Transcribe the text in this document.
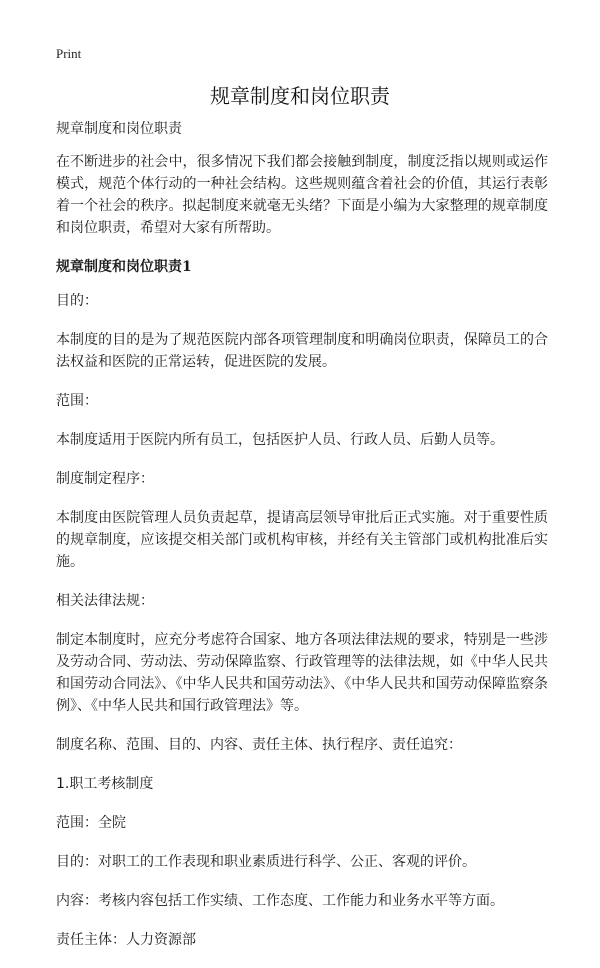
Print
规章制度和岗位职责

规章制度和岗位职责

在不断进步的社会中，很多情况下我们都会接触到制度，制度泛指以规则或运作模式，规范个体行动的一种社会结构。这些规则蕴含着社会的价值，其运行表彰着一个社会的秩序。拟起制度来就毫无头绪？下面是小编为大家整理的规章制度和岗位职责，希望对大家有所帮助。

规章制度和岗位职责1

目的：

本制度的目的是为了规范医院内部各项管理制度和明确岗位职责，保障员工的合法权益和医院的正常运转，促进医院的发展。

范围：

本制度适用于医院内所有员工，包括医护人员、行政人员、后勤人员等。

制度制定程序：

本制度由医院管理人员负责起草，提请高层领导审批后正式实施。对于重要性质的规章制度，应该提交相关部门或机构审核，并经有关主管部门或机构批准后实施。

相关法律法规：

制定本制度时，应充分考虑符合国家、地方各项法律法规的要求，特别是一些涉及劳动合同、劳动法、劳动保障监察、行政管理等的法律法规，如《中华人民共和国劳动合同法》、《中华人民共和国劳动法》、《中华人民共和国劳动保障监察条例》、《中华人民共和国行政管理法》等。

制度名称、范围、目的、内容、责任主体、执行程序、责任追究：

1.职工考核制度

范围：全院

目的：对职工的工作表现和职业素质进行科学、公正、客观的评价。

内容：考核内容包括工作实绩、工作态度、工作能力和业务水平等方面。

责任主体：人力资源部
